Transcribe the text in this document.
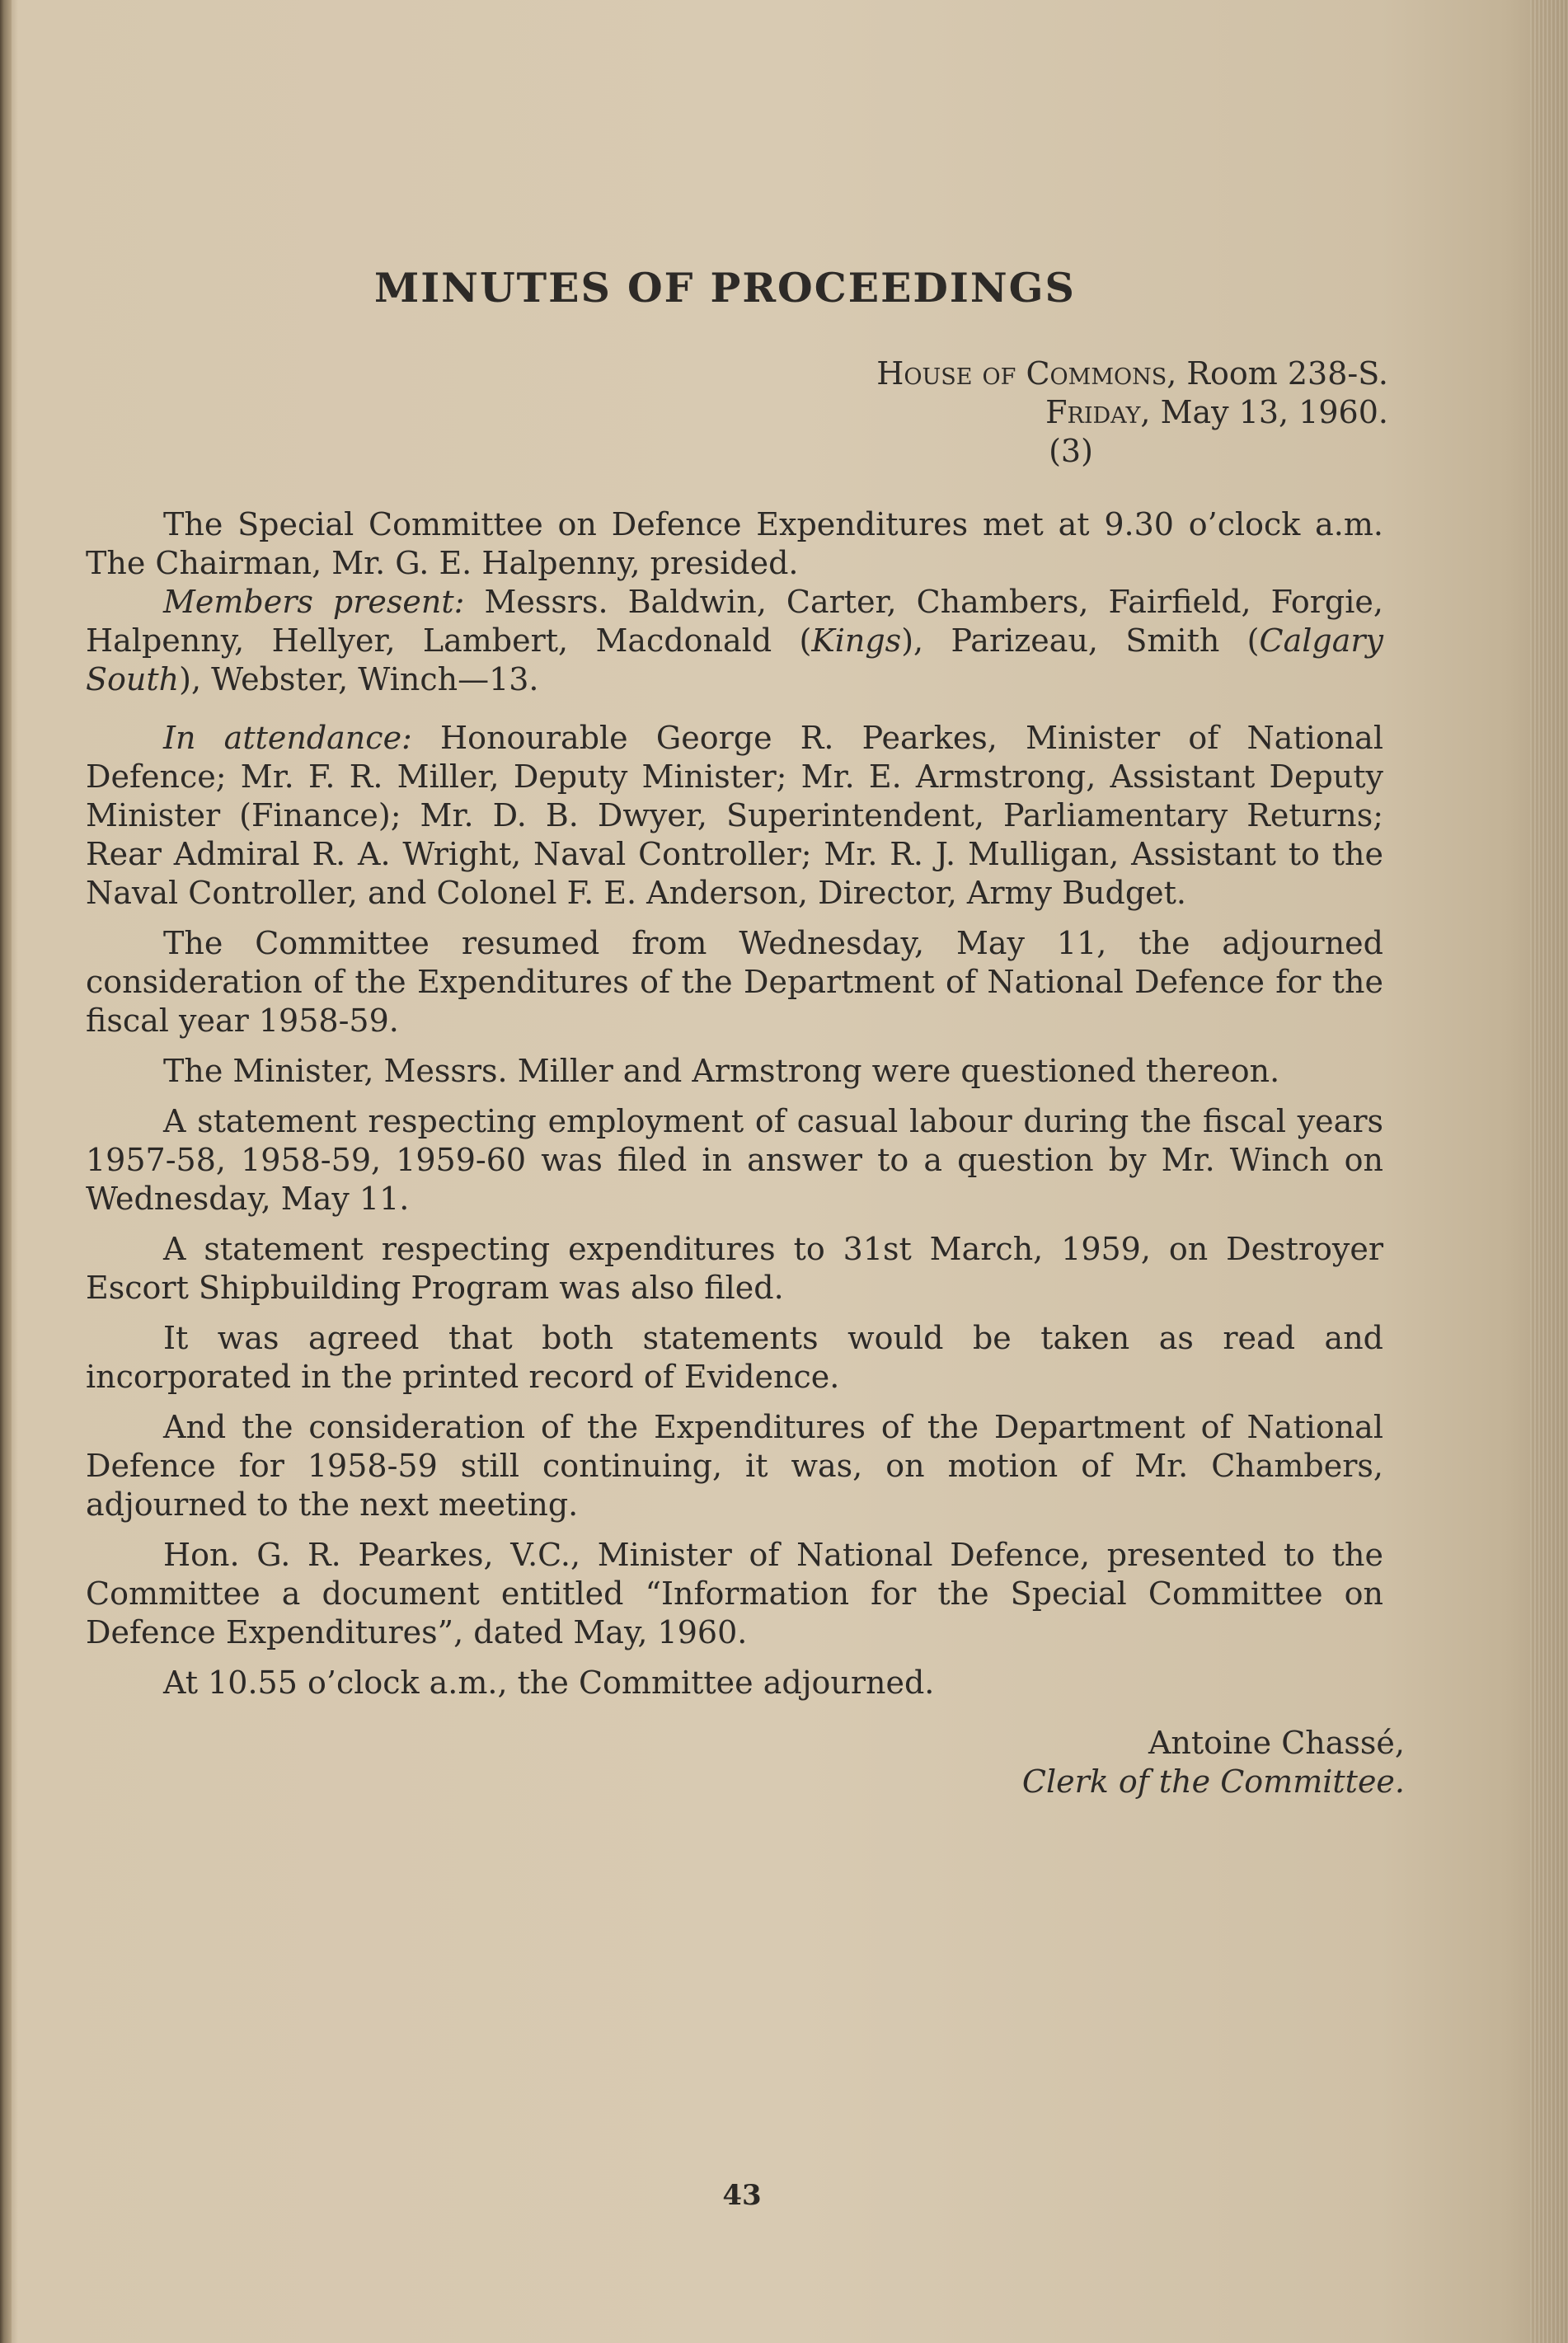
MINUTES OF PROCEEDINGS
House of Commons, Room 238-S.
Friday, May 13, 1960.
(3)

The Special Committee on Defence Expenditures met at 9.30 o’clock a.m. The Chairman, Mr. G. E. Halpenny, presided.

Members present: Messrs. Baldwin, Carter, Chambers, Fairfield, Forgie, Halpenny, Hellyer, Lambert, Macdonald (Kings), Parizeau, Smith (Calgary South), Webster, Winch—13.

In attendance: Honourable George R. Pearkes, Minister of National Defence; Mr. F. R. Miller, Deputy Minister; Mr. E. Armstrong, Assistant Deputy Minister (Finance); Mr. D. B. Dwyer, Superintendent, Parliamentary Returns; Rear Admiral R. A. Wright, Naval Controller; Mr. R. J. Mulligan, Assistant to the Naval Controller, and Colonel F. E. Anderson, Director, Army Budget.

The Committee resumed from Wednesday, May 11, the adjourned consideration of the Expenditures of the Department of National Defence for the fiscal year 1958-59.

The Minister, Messrs. Miller and Armstrong were questioned thereon.

A statement respecting employment of casual labour during the fiscal years 1957-58, 1958-59, 1959-60 was filed in answer to a question by Mr. Winch on Wednesday, May 11.

A statement respecting expenditures to 31st March, 1959, on Destroyer Escort Shipbuilding Program was also filed.

It was agreed that both statements would be taken as read and incorporated in the printed record of Evidence.

And the consideration of the Expenditures of the Department of National Defence for 1958-59 still continuing, it was, on motion of Mr. Chambers, adjourned to the next meeting.

Hon. G. R. Pearkes, V.C., Minister of National Defence, presented to the Committee a document entitled “Information for the Special Committee on Defence Expenditures”, dated May, 1960.

At 10.55 o’clock a.m., the Committee adjourned.

Antoine Chassé,
Clerk of the Committee.
43
